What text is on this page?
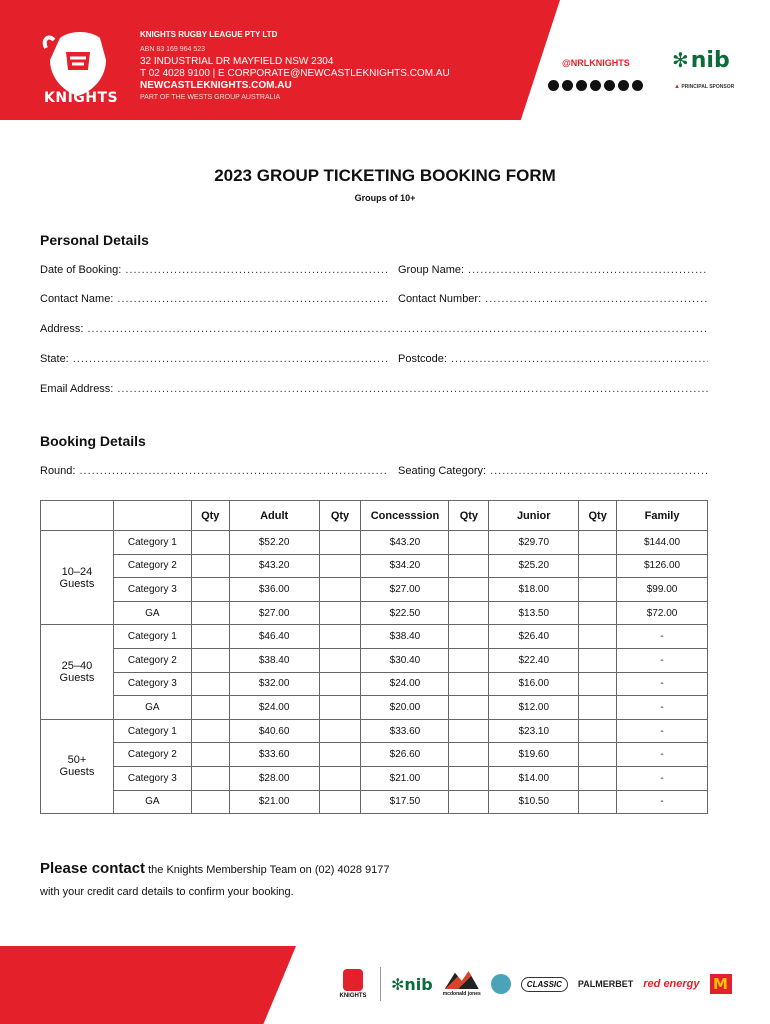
KNIGHTS
KNIGHTS RUGBY LEAGUE PTY LTD
ABN 83 169 964 523
32 INDUSTRIAL DR MAYFIELD NSW 2304
T 02 4028 9100 | E CORPORATE@NEWCASTLEKNIGHTS.COM.AU
NEWCASTLEKNIGHTS.COM.AU
PART OF THE WESTS GROUP AUSTRALIA
@NRLKNIGHTS ✻nib
▲ PRINCIPAL SPONSOR
2023 GROUP TICKETING BOOKING FORM
Groups of 10+
Personal Details
Date of Booking: .....	Group Name:
.....
Contact Name: .....	Contact Number:
.....
Address:
.....
State: .....	Postcode:
.....
Email Address:
.....
Booking Details
Round: .....	Seating Category:
.....
		Qty	Adult	Qty	Concesssion	Qty	Junior	Qty	Family

10–24
Guests	Category 1		$52.20		$43.20		$29.70		$144.00
	Category 2		$43.20		$34.20		$25.20		$126.00
	Category 3		$36.00		$27.00		$18.00		$99.00
	GA		$27.00		$22.50		$13.50		$72.00

25–40
Guests	Category 1		$46.40		$38.40		$26.40		-
	Category 2		$38.40		$30.40		$22.40		-
	Category 3		$32.00		$24.00		$16.00		-
	GA		$24.00		$20.00		$12.00		-

50+
Guests	Category 1		$40.60		$33.60		$23.10		-
	Category 2		$33.60		$26.60		$19.60		-
	Category 3		$28.00		$21.00		$14.00		-
	GA		$21.00		$17.50		$10.50		-
Please contact the Knights Membership Team on (02) 4028 9177
with your credit card details to confirm your booking.
KNIGHTS
✻ nib
mcdonald jones
CLASSIC	PALMERBET red energy M
